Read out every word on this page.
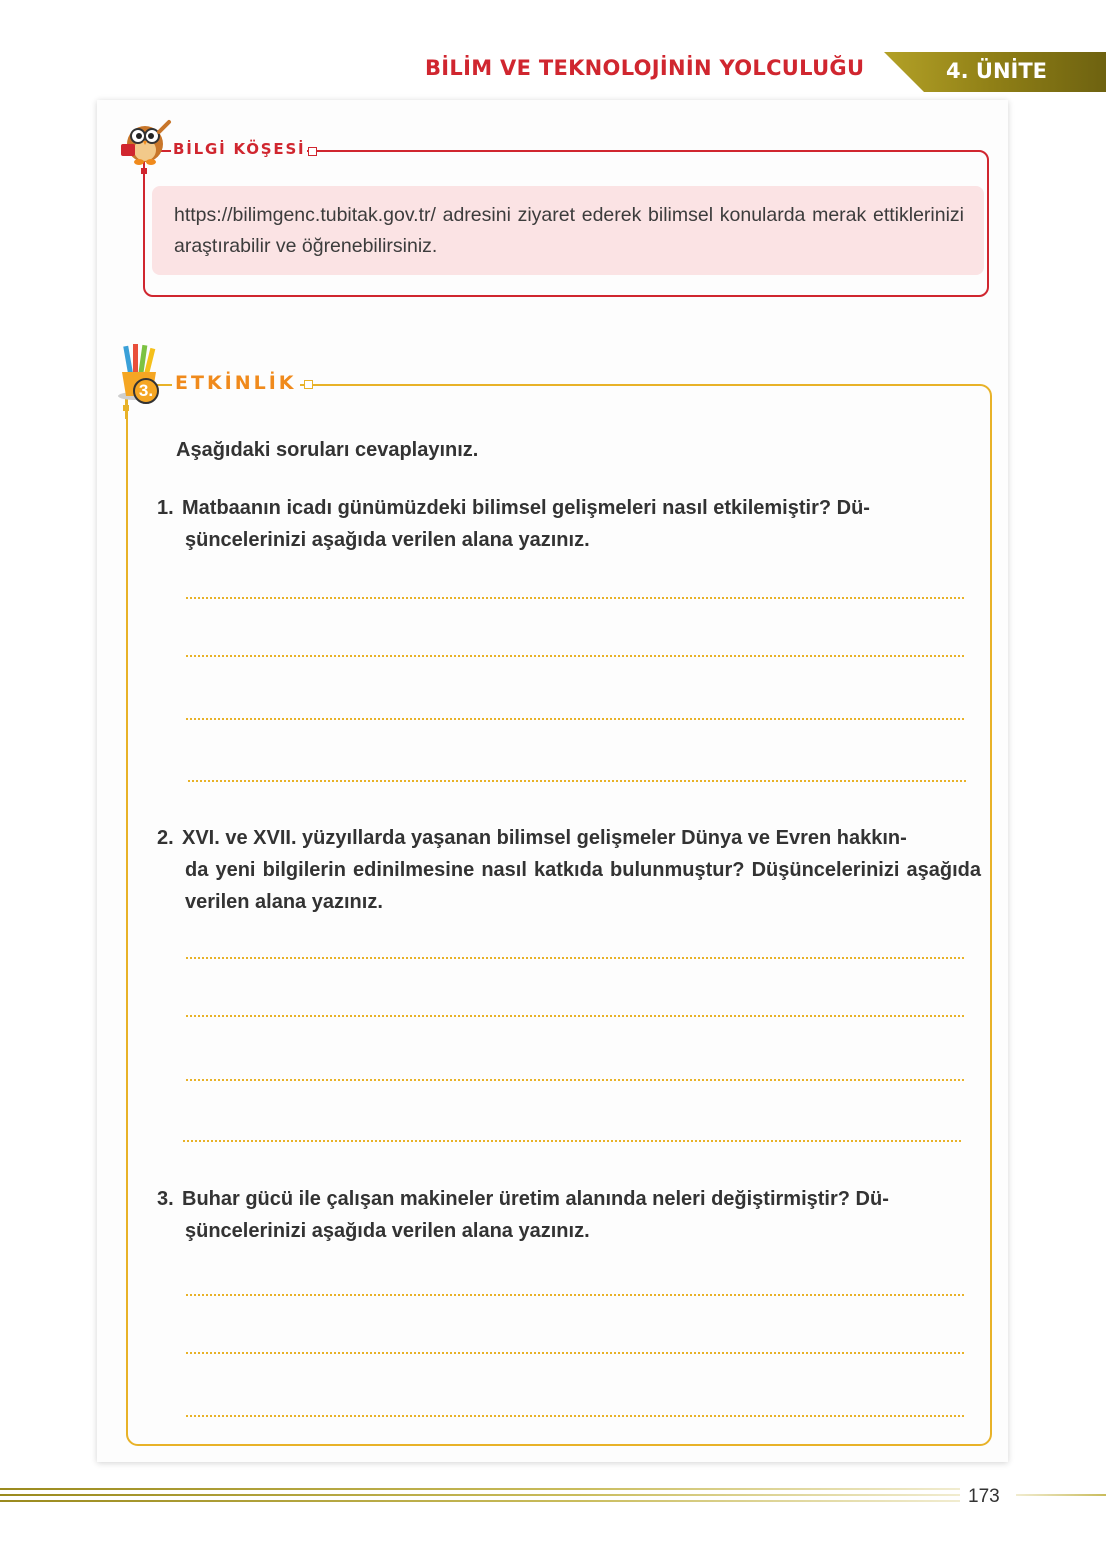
BİLİM VE TEKNOLOJİNİN YOLCULUĞU	4. ÜNİTE
https://bilimgenc.tubitak.gov.tr/ adresini ziyaret ederek bilimsel konularda merak ettiklerinizi araştırabilir ve öğrenebilirsiniz.
BİLGİ KÖŞESİ
3.	ETKİNLİK
Aşağıdaki soruları cevaplayınız.
1. Matbaanın icadı günümüzdeki bilimsel gelişmeleri nasıl etkilemiştir? Dü-
şüncelerinizi aşağıda verilen alana yazınız.
2. XVI. ve XVII. yüzyıllarda yaşanan bilimsel gelişmeler Dünya ve Evren hakkın-
da yeni bilgilerin edinilmesine nasıl katkıda bulunmuştur? Düşüncelerinizi aşağıda verilen alana yazınız.
3. Buhar gücü ile çalışan makineler üretim alanında neleri değiştirmiştir? Dü-
şüncelerinizi aşağıda verilen alana yazınız.
173
